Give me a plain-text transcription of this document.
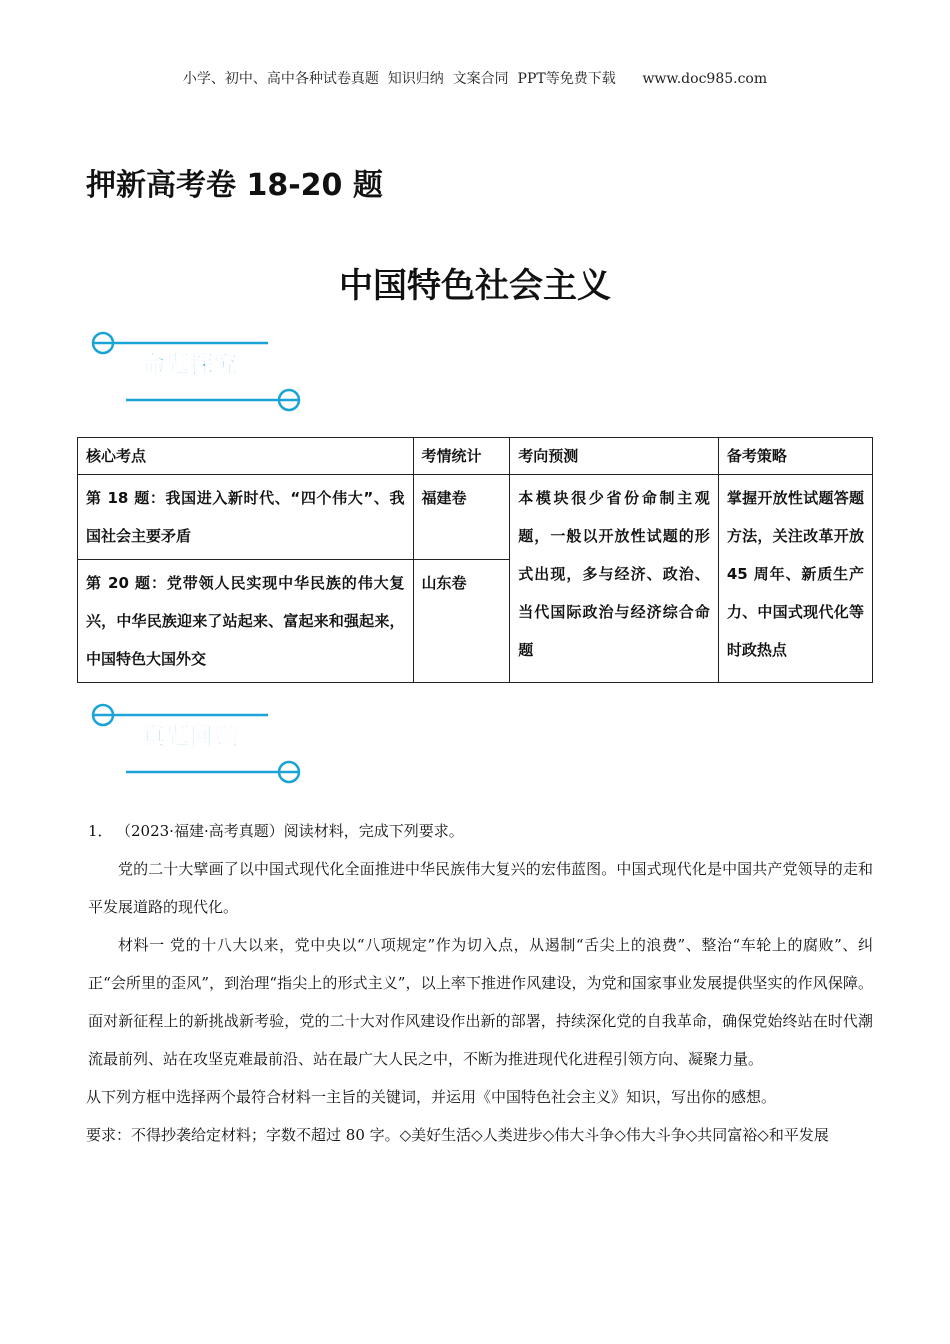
小学、初中、高中各种试卷真题  知识归纳  文案合同  PPT等免费下载      www.doc985.com
押新高考卷 18-20 题
中国特色社会主义
命题探究
核心考点	考情统计	考向预测	备考策略
第 18 题：我国进入新时代、“四个伟大”、我国社会主要矛盾	福建卷	本模块很少省份命制主观题，一般以开放性试题的形式出现，多与经济、政治、当代国际政治与经济综合命题	掌握开放性试题答题方法，关注改革开放 45 周年、新质生产力、中国式现代化等时政热点
第 20 题：党带领人民实现中华民族的伟大复兴，中华民族迎来了站起来、富起来和强起来，中国特色大国外交	山东卷		
真题回顾

1． （2023·福建·高考真题）阅读材料，完成下列要求。

党的二十大擘画了以中国式现代化全面推进中华民族伟大复兴的宏伟蓝图。中国式现代化是中国共产党领导的走和平发展道路的现代化。

材料一 党的十八大以来，党中央以“八项规定”作为切入点，从遏制“舌尖上的浪费”、整治“车轮上的腐败”、纠正“会所里的歪风”，到治理“指尖上的形式主义”，以上率下推进作风建设，为党和国家事业发展提供坚实的作风保障。面对新征程上的新挑战新考验，党的二十大对作风建设作出新的部署，持续深化党的自我革命，确保党始终站在时代潮流最前列、站在攻坚克难最前沿、站在最广大人民之中，不断为推进现代化进程引领方向、凝聚力量。

从下列方框中选择两个最符合材料一主旨的关键词，并运用《中国特色社会主义》知识，写出你的感想。

要求：不得抄袭给定材料；字数不超过 80 字。◇美好生活◇人类进步◇伟大斗争◇伟大斗争◇共同富裕◇和平发展
